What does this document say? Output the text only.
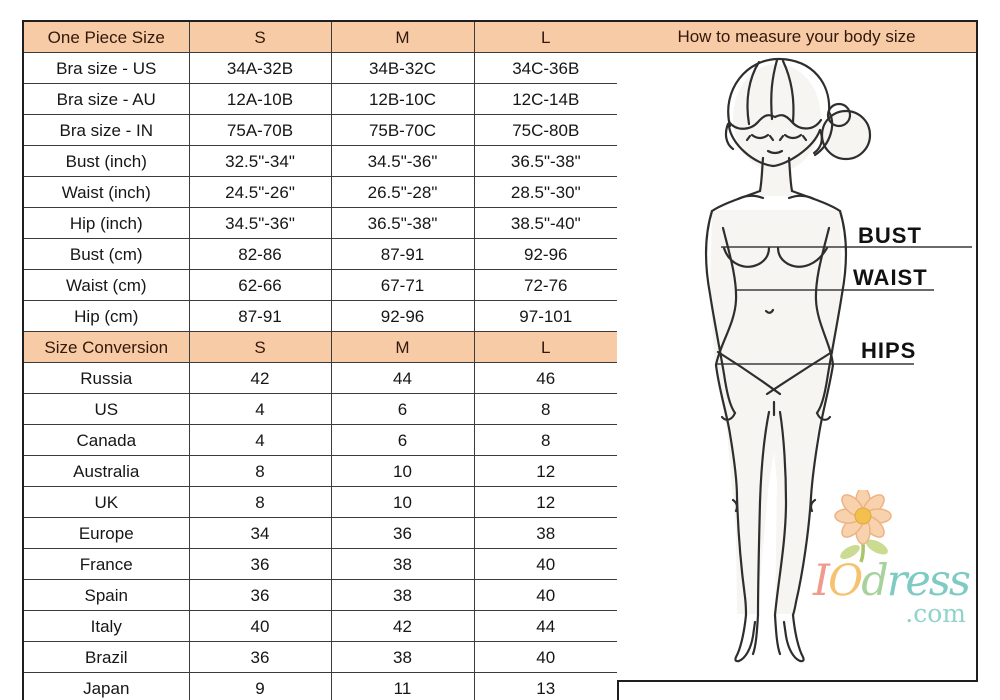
One Piece Size	S	M	L
Bra size - US	34A-32B	34B-32C	34C-36B
Bra size - AU	12A-10B	12B-10C	12C-14B
Bra size - IN	75A-70B	75B-70C	75C-80B
Bust (inch)	32.5"-34"	34.5"-36"	36.5"-38"
Waist (inch)	24.5"-26"	26.5"-28"	28.5"-30"
Hip (inch)	34.5"-36"	36.5"-38"	38.5"-40"
Bust (cm)	82-86	87-91	92-96
Waist (cm)	62-66	67-71	72-76
Hip (cm)	87-91	92-96	97-101
Size Conversion	S	M	L
Russia	42	44	46
US	4	6	8
Canada	4	6	8
Australia	8	10	12
UK	8	10	12
Europe	34	36	38
France	36	38	40
Spain	36	38	40
Italy	40	42	44
Brazil	36	38	40
Japan	9	11	13
How to measure your body size
BUST
WAIST
HIPS
IOdress
.com
